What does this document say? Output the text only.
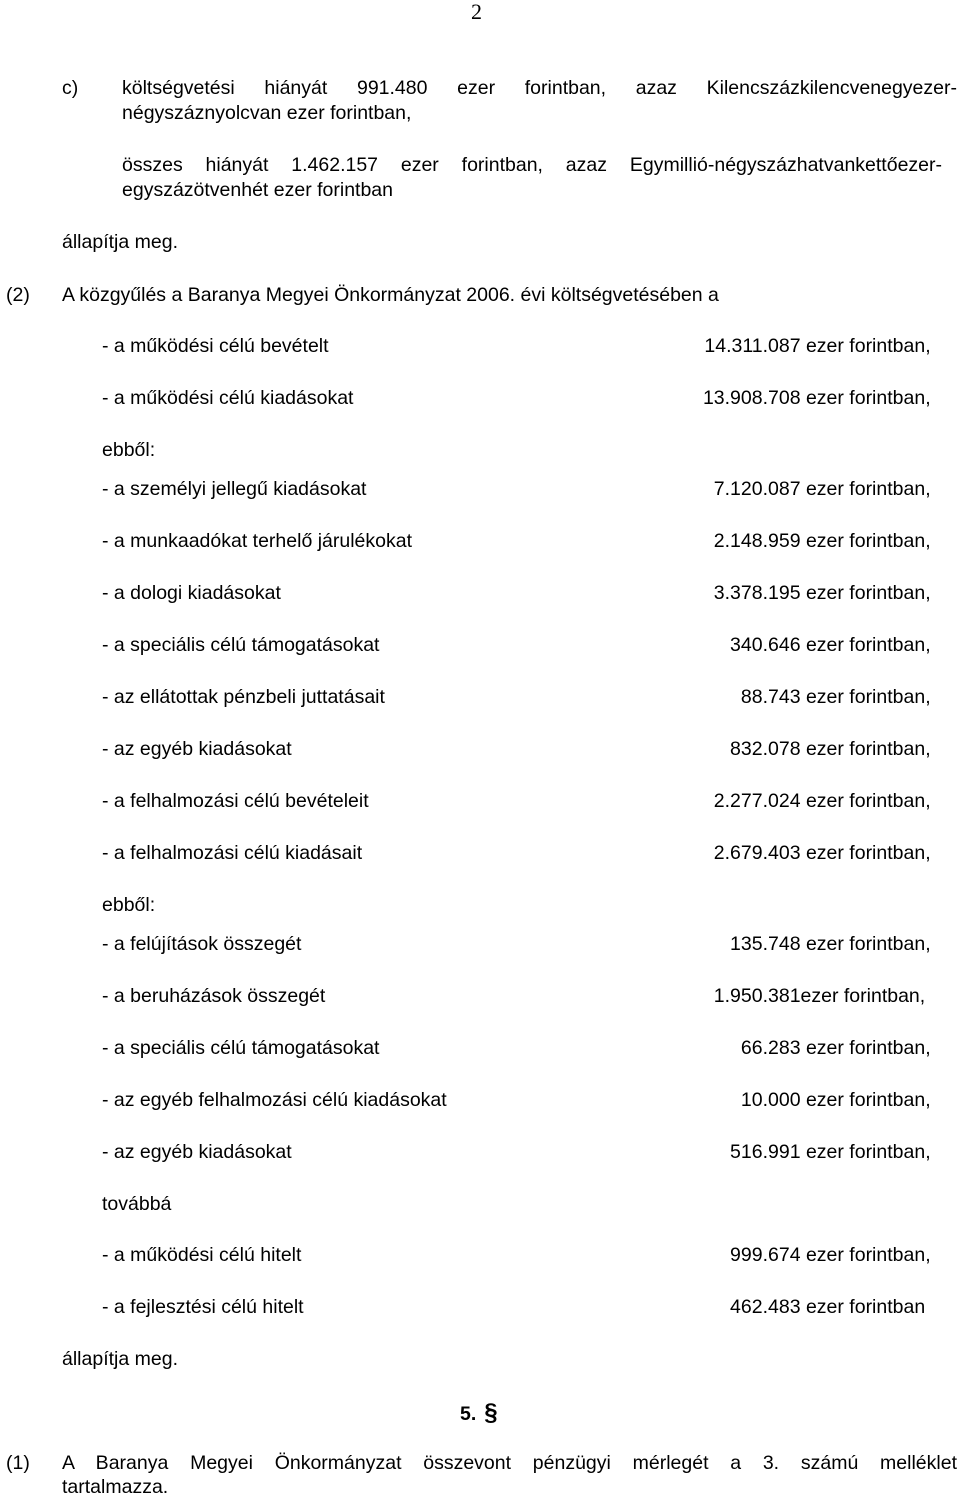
2
c) költségvetési hiányát 991.480 ezer forintban, azaz Kilencszázkilencvenegyezer-
négyszáznyolcvan ezer forintban,
összes hiányát 1.462.157 ezer forintban, azaz Egymillió-négyszázhatvankettőezer-
egyszázötvenhét ezer forintban
állapítja meg.
(2) A közgyűlés a Baranya Megyei Önkormányzat 2006. évi költségvetésében a
- a működési célú bevételt	14.311. 087 ezer forintban,
- a működési célú kiadásokat	13.908. 708 ezer forintban,
ebből:
- a személyi jellegű kiadásokat	7.120. 087 ezer forintban,
- a munkaadókat terhelő járulékokat	2.148. 959 ezer forintban,
- a dologi kiadásokat	3.378. 195 ezer forintban,
- a speciális célú támogatásokat	340. 646 ezer forintban,
- az ellátottak pénzbeli juttatásait	88. 743 ezer forintban,
- az egyéb kiadásokat	832. 078 ezer forintban,
- a felhalmozási célú bevételeit	2.277. 024 ezer forintban,
- a felhalmozási célú kiadásait	2.679. 403 ezer forintban,
ebből:
- a felújítások összegét	135. 748 ezer forintban,
- a beruházások összegét	1.950. 381ezer forintban,
- a speciális célú támogatásokat	66. 283 ezer forintban,
- az egyéb felhalmozási célú kiadásokat	10. 000 ezer forintban,
- az egyéb kiadásokat	516. 991 ezer forintban,
továbbá
- a működési célú hitelt	999. 674 ezer forintban,
- a fejlesztési célú hitelt	462. 483 ezer forintban
állapítja meg.
5. §
(1) A Baranya Megyei Önkormányzat összevont pénzügyi mérlegét a 3. számú melléklet
tartalmazza.
